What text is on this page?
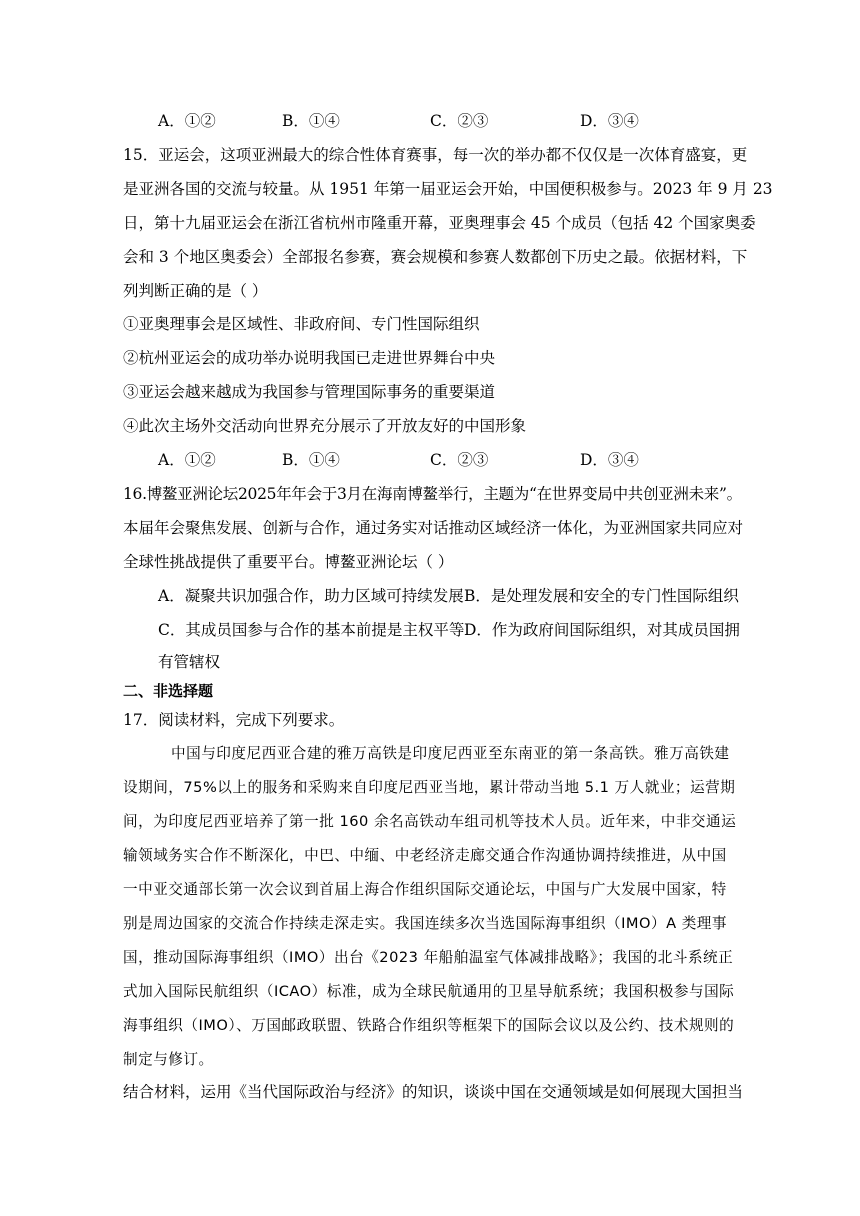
A．①②	B．①④	C．②③	D．③④
15．亚运会，这项亚洲最大的综合性体育赛事，每一次的举办都不仅仅是一次体育盛宴，更
是亚洲各国的交流与较量。从 1951 年第一届亚运会开始，中国便积极参与。2023 年 9 月 23
日，第十九届亚运会在浙江省杭州市隆重开幕，亚奥理事会 45 个成员（包括 42 个国家奥委
会和 3 个地区奥委会）全部报名参赛，赛会规模和参赛人数都创下历史之最。依据材料，下
列判断正确的是（ ）
①亚奥理事会是区域性、非政府间、专门性国际组织
②杭州亚运会的成功举办说明我国已走进世界舞台中央
③亚运会越来越成为我国参与管理国际事务的重要渠道
④此次主场外交活动向世界充分展示了开放友好的中国形象
A．①②	B．①④	C．②③	D．③④
16.博鳌亚洲论坛2025年年会于3月在海南博鳌举行，主题为“在世界变局中共创亚洲未来”。
本届年会聚焦发展、创新与合作，通过务实对话推动区域经济一体化，为亚洲国家共同应对
全球性挑战提供了重要平台。博鳌亚洲论坛（ ）
A．凝聚共识加强合作，助力区域可持续发展 B．是处理发展和安全的专门性国际组织
C．其成员国参与合作的基本前提是主权平等 D．作为政府间国际组织，对其成员国拥
有管辖权
二、非选择题
17．阅读材料，完成下列要求。
中国与印度尼西亚合建的雅万高铁是印度尼西亚至东南亚的第一条高铁。雅万高铁建
设期间，75%以上的服务和采购来自印度尼西亚当地，累计带动当地 5.1 万人就业；运营期
间，为印度尼西亚培养了第一批 160 余名高铁动车组司机等技术人员。近年来，中非交通运
输领域务实合作不断深化，中巴、中缅、中老经济走廊交通合作沟通协调持续推进，从中国
一中亚交通部长第一次会议到首届上海合作组织国际交通论坛，中国与广大发展中国家，特
别是周边国家的交流合作持续走深走实。我国连续多次当选国际海事组织（IMO）A 类理事
国，推动国际海事组织（IMO）出台《2023 年船舶温室气体减排战略》；我国的北斗系统正
式加入国际民航组织（ICAO）标准，成为全球民航通用的卫星导航系统；我国积极参与国际
海事组织（IMO）、万国邮政联盟、铁路合作组织等框架下的国际会议以及公约、技术规则的
制定与修订。
结合材料，运用《当代国际政治与经济》的知识，谈谈中国在交通领域是如何展现大国担当
